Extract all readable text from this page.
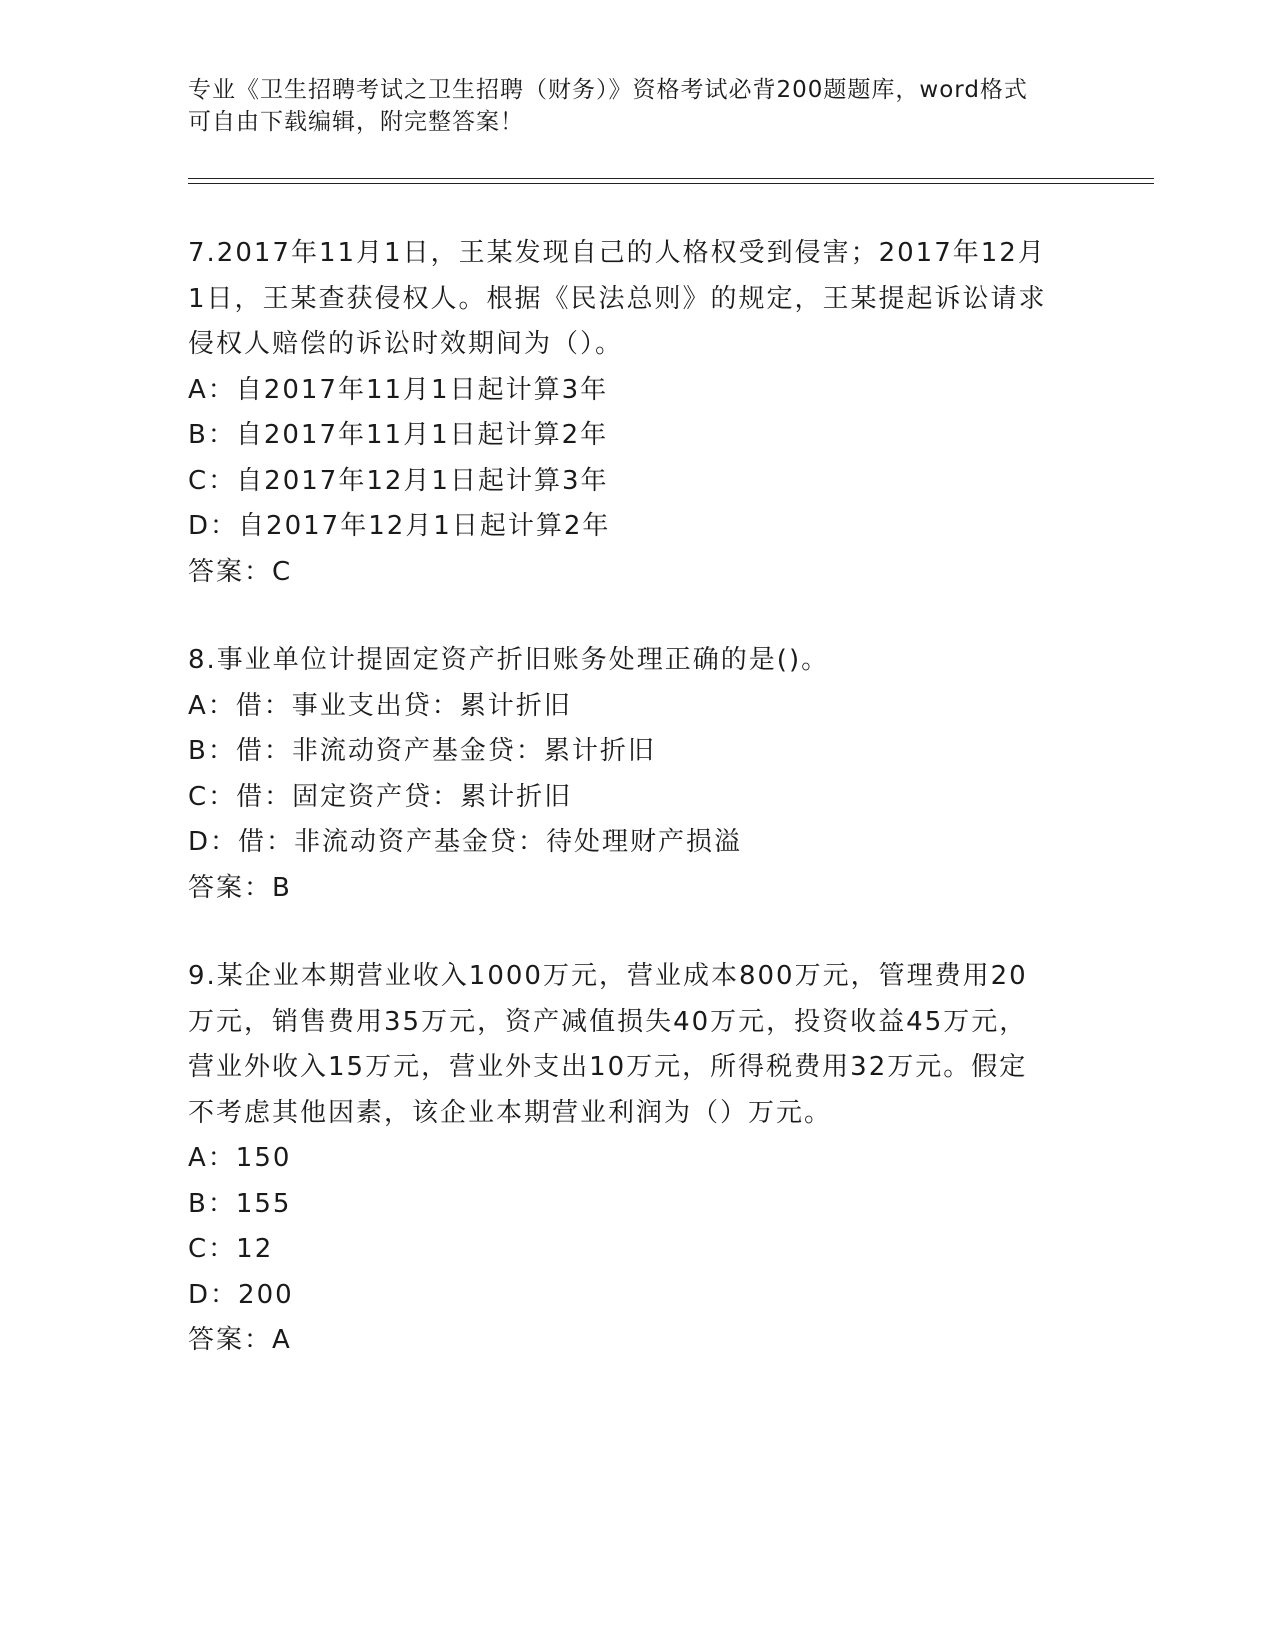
专业《卫生招聘考试之卫生招聘（财务）》资格考试必背200题题库，word格式
可自由下载编辑，附完整答案！
7.2017年11月1日，王某发现自己的人格权受到侵害；2017年12月
1日，王某查获侵权人。根据《民法总则》的规定，王某提起诉讼请求
侵权人赔偿的诉讼时效期间为（）。
A：自2017年11月1日起计算3年
B：自2017年11月1日起计算2年
C：自2017年12月1日起计算3年
D：自2017年12月1日起计算2年
答案：C
8.事业单位计提固定资产折旧账务处理正确的是()。
A：借：事业支出贷：累计折旧
B：借：非流动资产基金贷：累计折旧
C：借：固定资产贷：累计折旧
D：借：非流动资产基金贷：待处理财产损溢
答案：B
9.某企业本期营业收入1000万元，营业成本800万元，管理费用20
万元，销售费用35万元，资产减值损失40万元，投资收益45万元，
营业外收入15万元，营业外支出10万元，所得税费用32万元。假定
不考虑其他因素，该企业本期营业利润为（）万元。
A：150
B：155
C：12
D：200
答案：A
